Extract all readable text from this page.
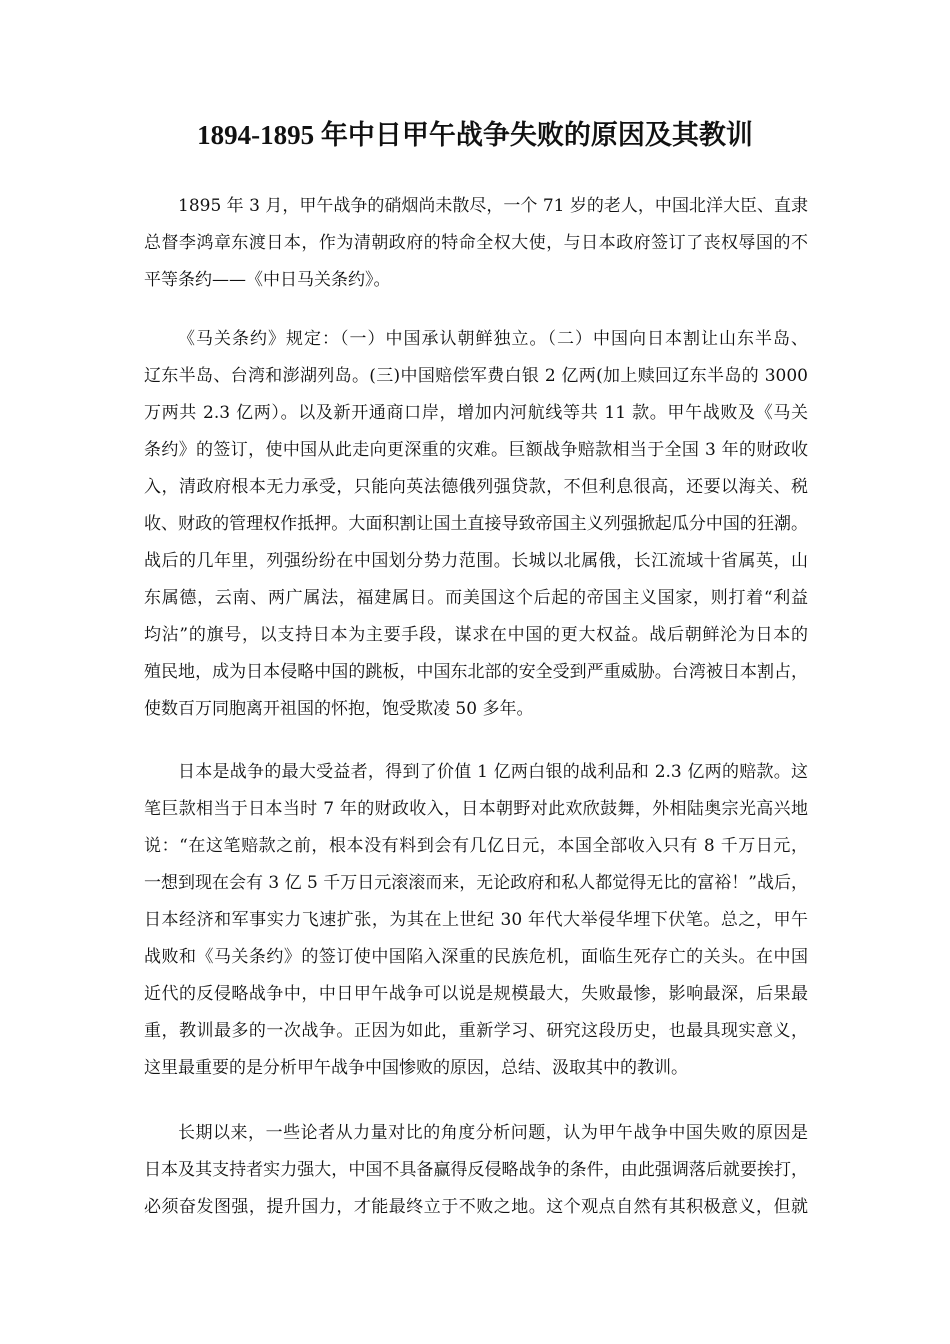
1894-1895 年中日甲午战争失败的原因及其教训

1895 年 3 月，甲午战争的硝烟尚未散尽，一个 71 岁的老人，中国北洋大臣、直隶
总督李鸿章东渡日本，作为清朝政府的特命全权大使，与日本政府签订了丧权辱国的不
平等条约——《中日马关条约》。

《马关条约》规定：（一）中国承认朝鲜独立。（二）中国向日本割让山东半岛、
辽东半岛、台湾和澎湖列岛。(三)中国赔偿军费白银 2 亿两(加上赎回辽东半岛的 3000
万两共 2.3 亿两）。以及新开通商口岸，增加内河航线等共 11 款。甲午战败及《马关
条约》的签订，使中国从此走向更深重的灾难。巨额战争赔款相当于全国 3 年的财政收
入，清政府根本无力承受，只能向英法德俄列强贷款，不但利息很高，还要以海关、税
收、财政的管理权作抵押。大面积割让国土直接导致帝国主义列强掀起瓜分中国的狂潮。
战后的几年里，列强纷纷在中国划分势力范围。长城以北属俄，长江流域十省属英，山
东属德，云南、两广属法，福建属日。而美国这个后起的帝国主义国家，则打着“利益
均沾”的旗号，以支持日本为主要手段，谋求在中国的更大权益。战后朝鲜沦为日本的
殖民地，成为日本侵略中国的跳板，中国东北部的安全受到严重威胁。台湾被日本割占，
使数百万同胞离开祖国的怀抱，饱受欺凌 50 多年。

日本是战争的最大受益者，得到了价值 1 亿两白银的战利品和 2.3 亿两的赔款。这
笔巨款相当于日本当时 7 年的财政收入，日本朝野对此欢欣鼓舞，外相陆奥宗光高兴地
说：“在这笔赔款之前，根本没有料到会有几亿日元，本国全部收入只有 8 千万日元，
一想到现在会有 3 亿 5 千万日元滚滚而来，无论政府和私人都觉得无比的富裕！”战后，
日本经济和军事实力飞速扩张，为其在上世纪 30 年代大举侵华埋下伏笔。总之，甲午
战败和《马关条约》的签订使中国陷入深重的民族危机，面临生死存亡的关头。在中国
近代的反侵略战争中，中日甲午战争可以说是规模最大，失败最惨，影响最深，后果最
重，教训最多的一次战争。正因为如此，重新学习、研究这段历史，也最具现实意义，
这里最重要的是分析甲午战争中国惨败的原因，总结、汲取其中的教训。

长期以来，一些论者从力量对比的角度分析问题，认为甲午战争中国失败的原因是
日本及其支持者实力强大，中国不具备赢得反侵略战争的条件，由此强调落后就要挨打，
必须奋发图强，提升国力，才能最终立于不败之地。这个观点自然有其积极意义，但就
